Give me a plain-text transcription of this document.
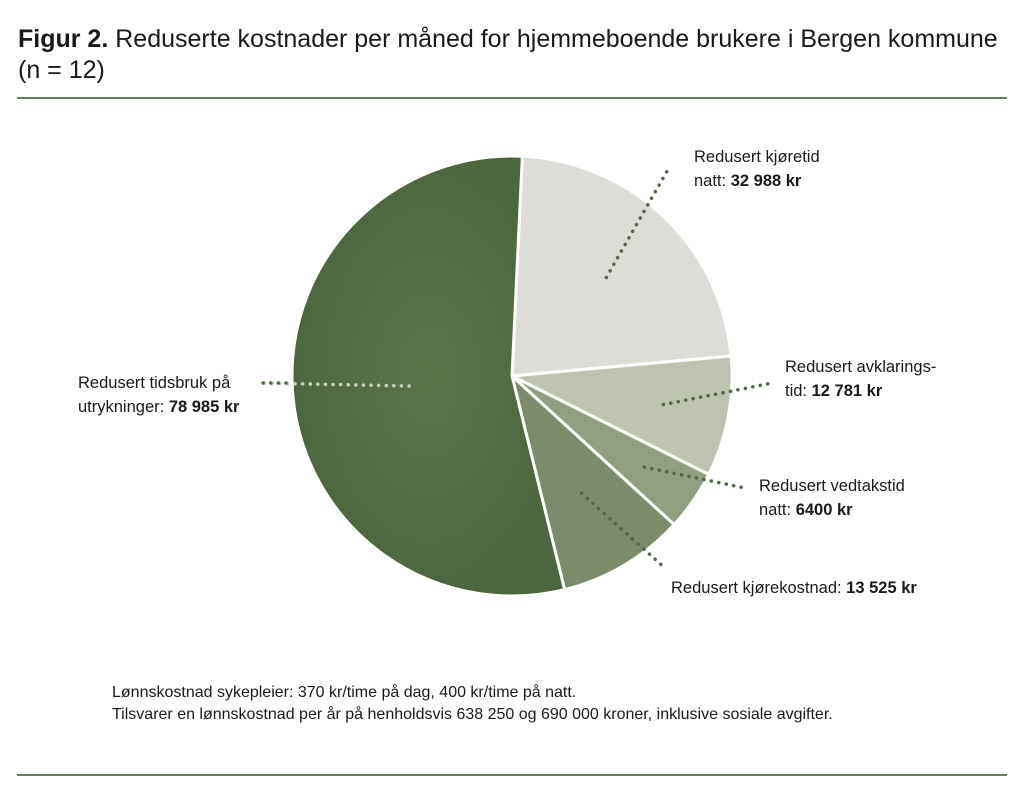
Figur 2. Reduserte kostnader per måned for hjemmeboende brukere i Bergen kommune (n = 12)
Redusert kjøretid
natt: 32 988 kr
Redusert avklarings-
tid: 12 781 kr
Redusert vedtakstid
natt: 6400 kr
Redusert kjørekostnad: 13 525 kr
Redusert tidsbruk på
utrykninger: 78 985 kr
Lønnskostnad sykepleier: 370 kr/time på dag, 400 kr/time på natt.
Tilsvarer en lønnskostnad per år på henholdsvis 638 250 og 690 000 kroner, inklusive sosiale avgifter.
